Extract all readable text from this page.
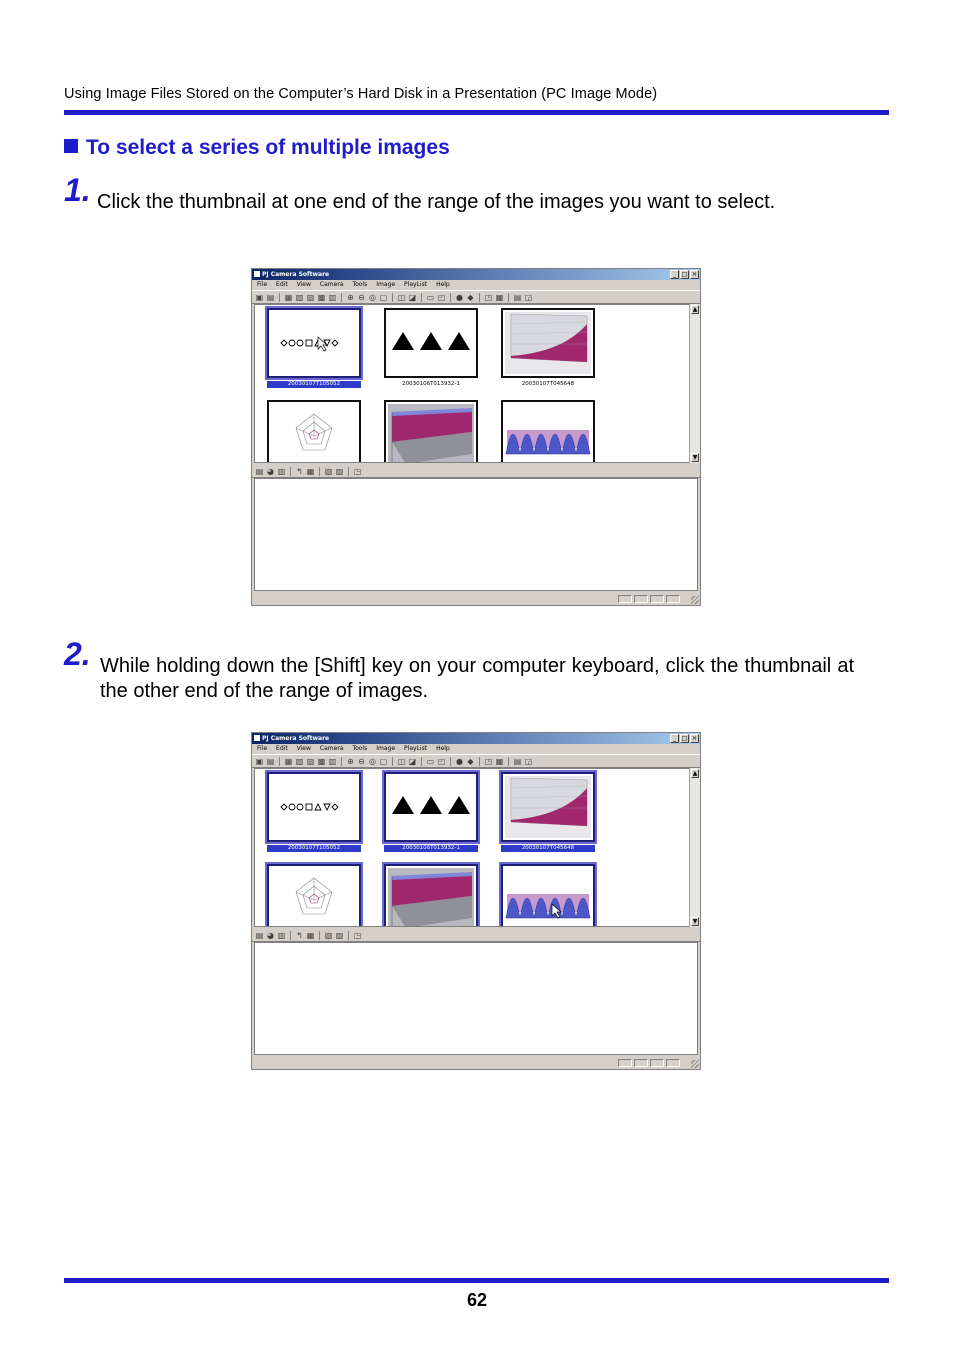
Using Image Files Stored on the Computer’s Hard Disk in a Presentation (PC Image Mode)
To select a series of multiple images
1. Click the thumbnail at one end of the range of the images you want to select.
2. While holding down the [Shift] key on your computer keyboard, click the thumbnail at the other end of the range of images.
PJ Camera Software	_ □ ×
File Edit View Camera Tools Image PlayList Help
▣ ▤ ▦ ▧ ▨ ▩ ▥ ⊕ ⊖ ◎ ▢ ◫ ◪ ▭ ◰ ● ◆ ◳ ▦ ▤ ◲
20030107T105052	20030106T013932-1	20030107T045648
▲
▼
▤ ◕ ▥ ↰ ▦ ▧ ▨ ◳
PJ Camera Software	_ □ ×
File Edit View Camera Tools Image PlayList Help
▣ ▤ ▦ ▧ ▨ ▩ ▥ ⊕ ⊖ ◎ ▢ ◫ ◪ ▭ ◰ ● ◆ ◳ ▦ ▤ ◲
20030107T105052	20030106T013932-1	20030107T045648
▲
▼
▤ ◕ ▥ ↰ ▦ ▧ ▨ ◳
62
